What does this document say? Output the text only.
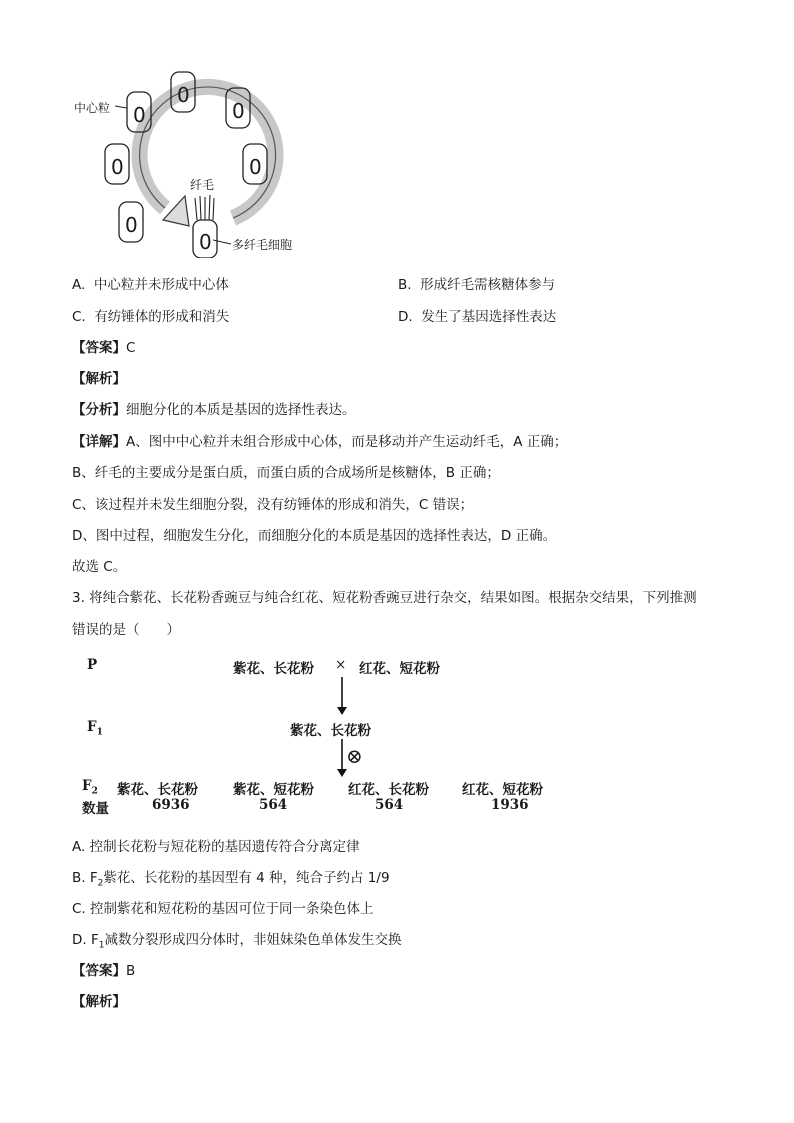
0
0
0
0
0
0
0
中心粒
纤毛
多纤毛细胞
A. 中心粒并未形成中心体	B. 形成纤毛需核糖体参与
C. 有纺锤体的形成和消失	D. 发生了基因选择性表达
【答案】C
【解析】
【分析】细胞分化的本质是基因的选择性表达。
【详解】A、图中中心粒并未组合形成中心体，而是移动并产生运动纤毛，A 正确；
B、纤毛的主要成分是蛋白质，而蛋白质的合成场所是核糖体，B 正确；
C、该过程并未发生细胞分裂，没有纺锤体的形成和消失，C 错误；
D、图中过程，细胞发生分化，而细胞分化的本质是基因的选择性表达，D 正确。
故选 C。
3. 将纯合紫花、长花粉香豌豆与纯合红花、短花粉香豌豆进行杂交，结果如图。根据杂交结果，下列推测
错误的是（　　）
P	紫花、长花粉 × 红花、短花粉
$F_1$	紫花、长花粉
⊗
$F_2$
数量
紫花、长花粉
6936
紫花、短花粉
564
红花、长花粉
564
红花、短花粉
1936
A. 控制长花粉与短花粉的基因遗传符合分离定律
B. $F_2$紫花、长花粉的基因型有 4 种，纯合子约占 1/9
C. 控制紫花和短花粉的基因可位于同一条染色体上
D. $F_1$减数分裂形成四分体时，非姐妹染色单体发生交换
【答案】B
【解析】
